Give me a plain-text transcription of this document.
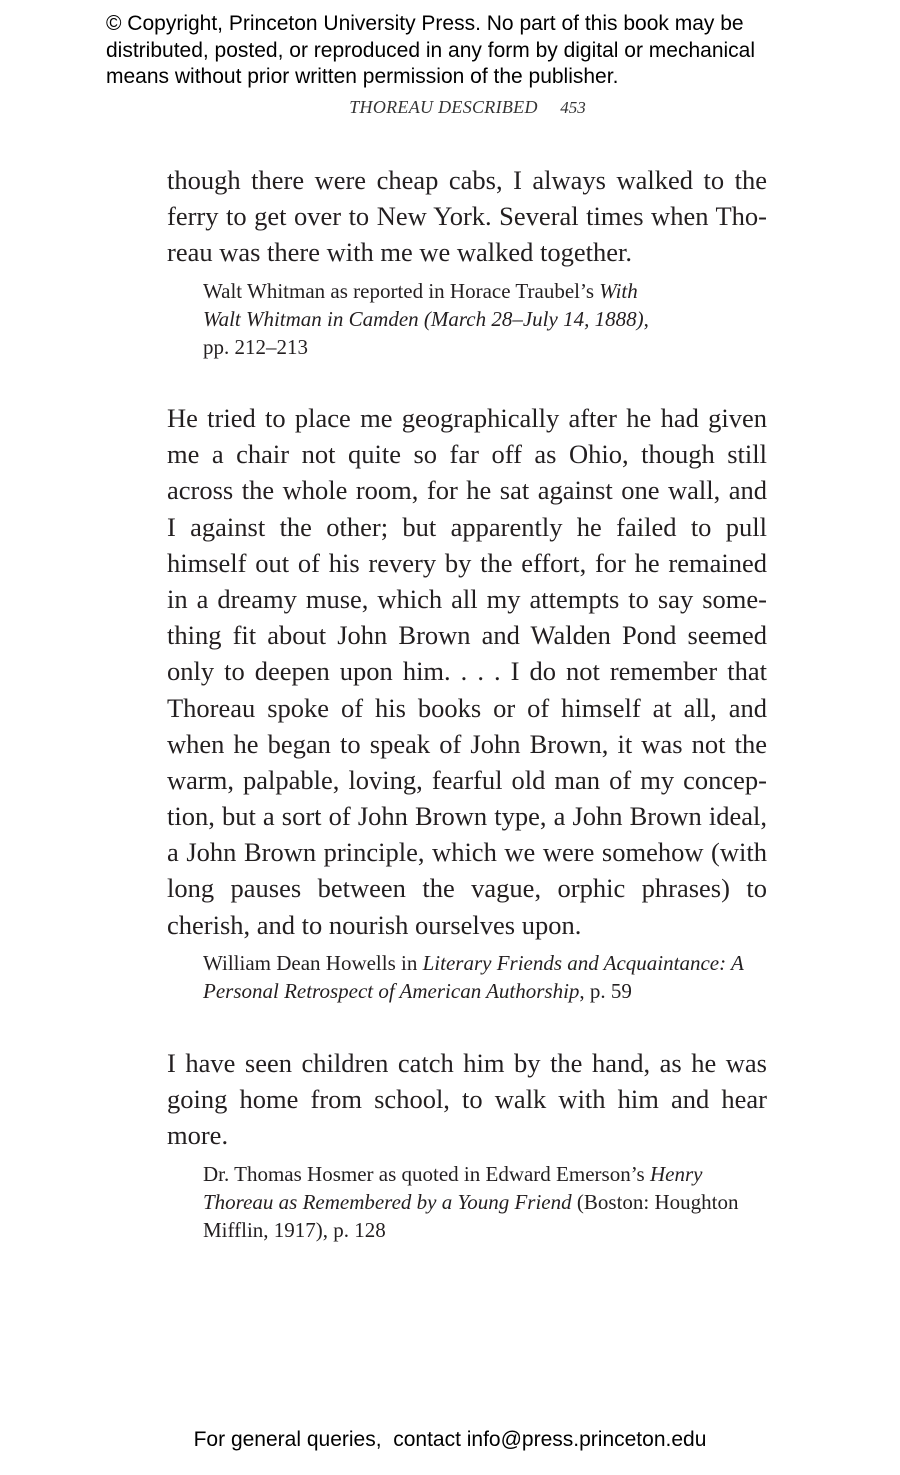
© Copyright, Princeton University Press. No part of this book may be
distributed, posted, or reproduced in any form by digital or mechanical
means without prior written permission of the publisher.
THOREAU DESCRIBED 453
though there were cheap cabs, I always walked to the
ferry to get over to New York. Several times when Tho-
reau was there with me we walked together.
Walt Whitman as reported in Horace Traubel’s With
Walt Whitman in Camden (March 28–July 14, 1888),
pp. 212–213
He tried to place me geographically after he had given
me a chair not quite so far off as Ohio, though still
across the whole room, for he sat against one wall, and
I against the other; but apparently he failed to pull
himself out of his revery by the effort, for he remained
in a dreamy muse, which all my attempts to say some-
thing fit about John Brown and Walden Pond seemed
only to deepen upon him. . . . I do not remember that
Thoreau spoke of his books or of himself at all, and
when he began to speak of John Brown, it was not the
warm, palpable, loving, fearful old man of my concep-
tion, but a sort of John Brown type, a John Brown ideal,
a John Brown principle, which we were somehow (with
long pauses between the vague, orphic phrases) to
cherish, and to nourish ourselves upon.
William Dean Howells in Literary Friends and Acquaintance: A
Personal Retrospect of American Authorship, p. 59
I have seen children catch him by the hand, as he was
going home from school, to walk with him and hear
more.
Dr. Thomas Hosmer as quoted in Edward Emerson’s Henry
Thoreau as Remembered by a Young Friend (Boston: Houghton
Mifflin, 1917), p. 128
For general queries,  contact info@press.princeton.edu
